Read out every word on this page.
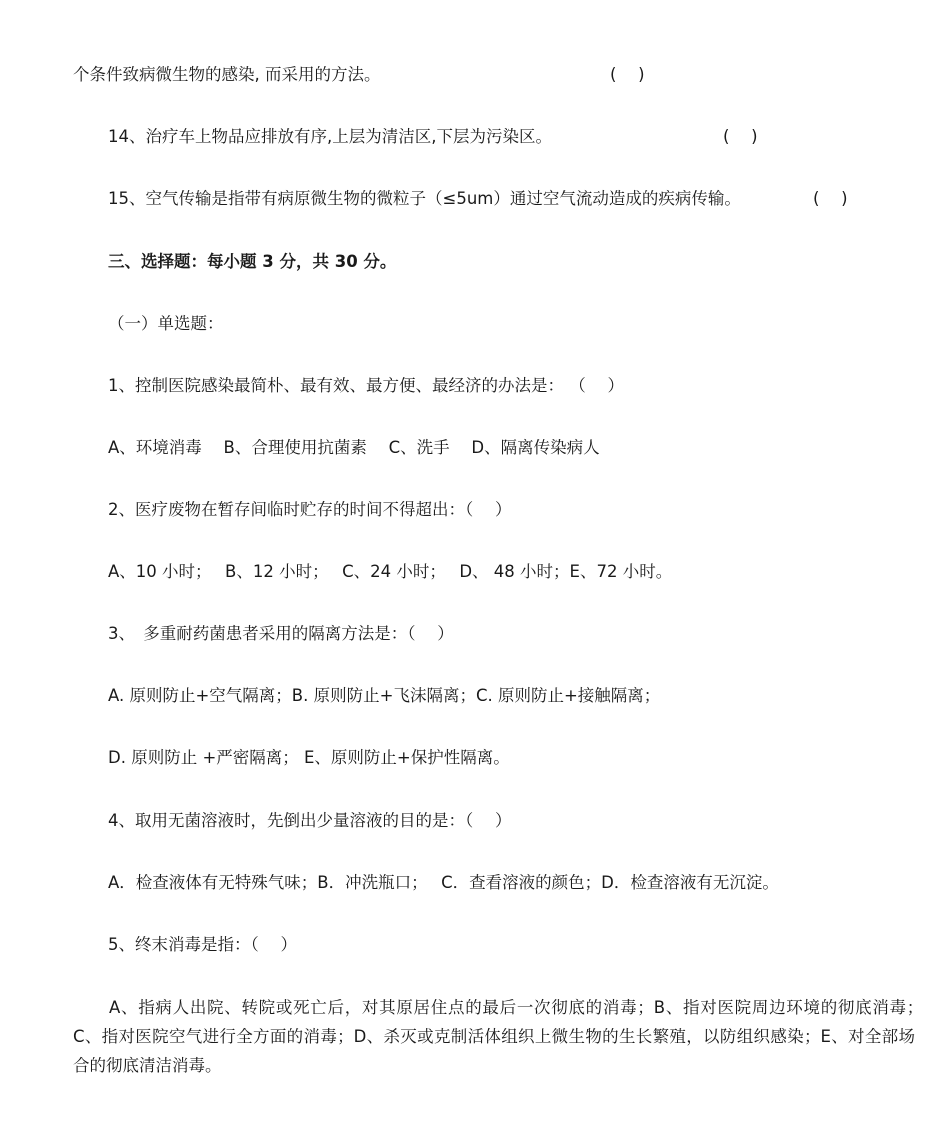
个条件致病微生物的感染, 而采用的方法。	(　 )
14、治疗车上物品应排放有序,上层为清洁区,下层为污染区。	(　 )
15、空气传输是指带有病原微生物的微粒子（≤5um）通过空气流动造成的疾病传输。	(　 )
三、选择题：每小题 3 分，共 30 分。
（一）单选题：
1、控制医院感染最简朴、最有效、最方便、最经济的办法是： （　 ）
A、环境消毒　 B、合理使用抗菌素　 C、洗手　 D、隔离传染病人
2、医疗废物在暂存间临时贮存的时间不得超出：（　 ）
A、10 小时；　 B、12 小时；　 C、24 小时；　 D、 48 小时；E、72 小时。
3、　多重耐药菌患者采用的隔离方法是：（　 ）
A. 原则防止+空气隔离；B. 原则防止+飞沫隔离；C. 原则防止+接触隔离；
D. 原则防止 +严密隔离； E、原则防止+保护性隔离。
4、取用无菌溶液时，先倒出少量溶液的目的是：（　 ）
A．检查液体有无特殊气味；B．冲洗瓶口；　 C．查看溶液的颜色；D．检查溶液有无沉淀。
5、终末消毒是指：（　 ）
A、指病人出院、转院或死亡后，对其原居住点的最后一次彻底的消毒；B、指对医院周边环境的彻底消毒；　C、指对医院空气进行全方面的消毒；D、杀灭或克制活体组织上微生物的生长繁殖，以防组织感染；E、对全部场合的彻底清洁消毒。
